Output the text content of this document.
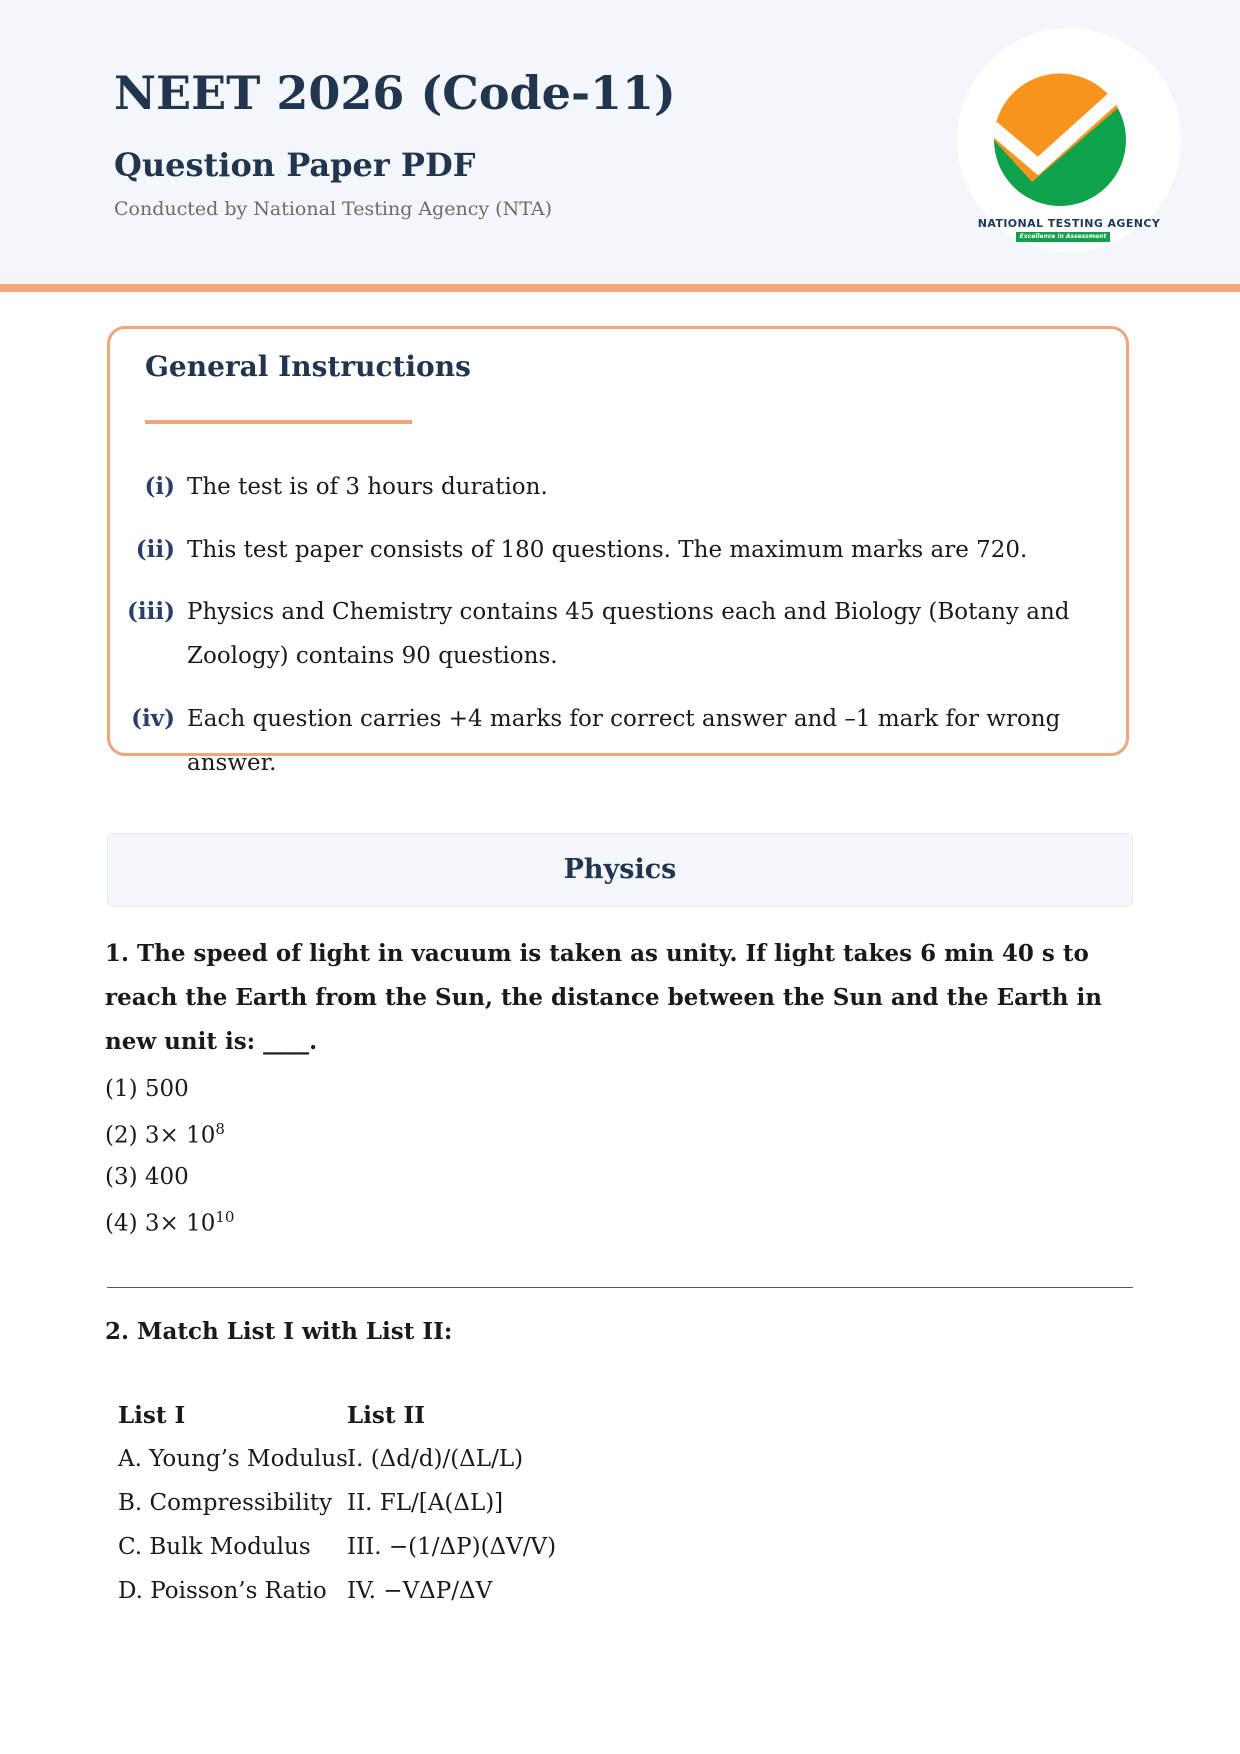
NEET 2026 (Code-11)
Question Paper PDF
Conducted by National Testing Agency (NTA)
NATIONAL TESTING AGENCY
Excellence in Assessment
General Instructions
(i) The test is of 3 hours duration.
(ii) This test paper consists of 180 questions. The maximum marks are 720.
(iii) Physics and Chemistry contains 45 questions each and Biology (Botany and Zoology) contains 90 questions.
(iv) Each question carries +4 marks for correct answer and –1 mark for wrong answer.
Physics
1. The speed of light in vacuum is taken as unity. If light takes 6 min 40 s to reach the Earth from the Sun, the distance between the Sun and the Earth in new unit is: ____.
(1) 500
(2) $3\times 10^8$
(3) 400
(4) $3\times 10^{10}$
2. Match List I with List II:
List I	List II
A. Young’s Modulus I. (Δd/d)/(ΔL/L)
B. Compressibility II. FL/[A(ΔL)]
C. Bulk Modulus III. −(1/ΔP)(ΔV/V)
D. Poisson’s Ratio IV. −VΔP/ΔV
